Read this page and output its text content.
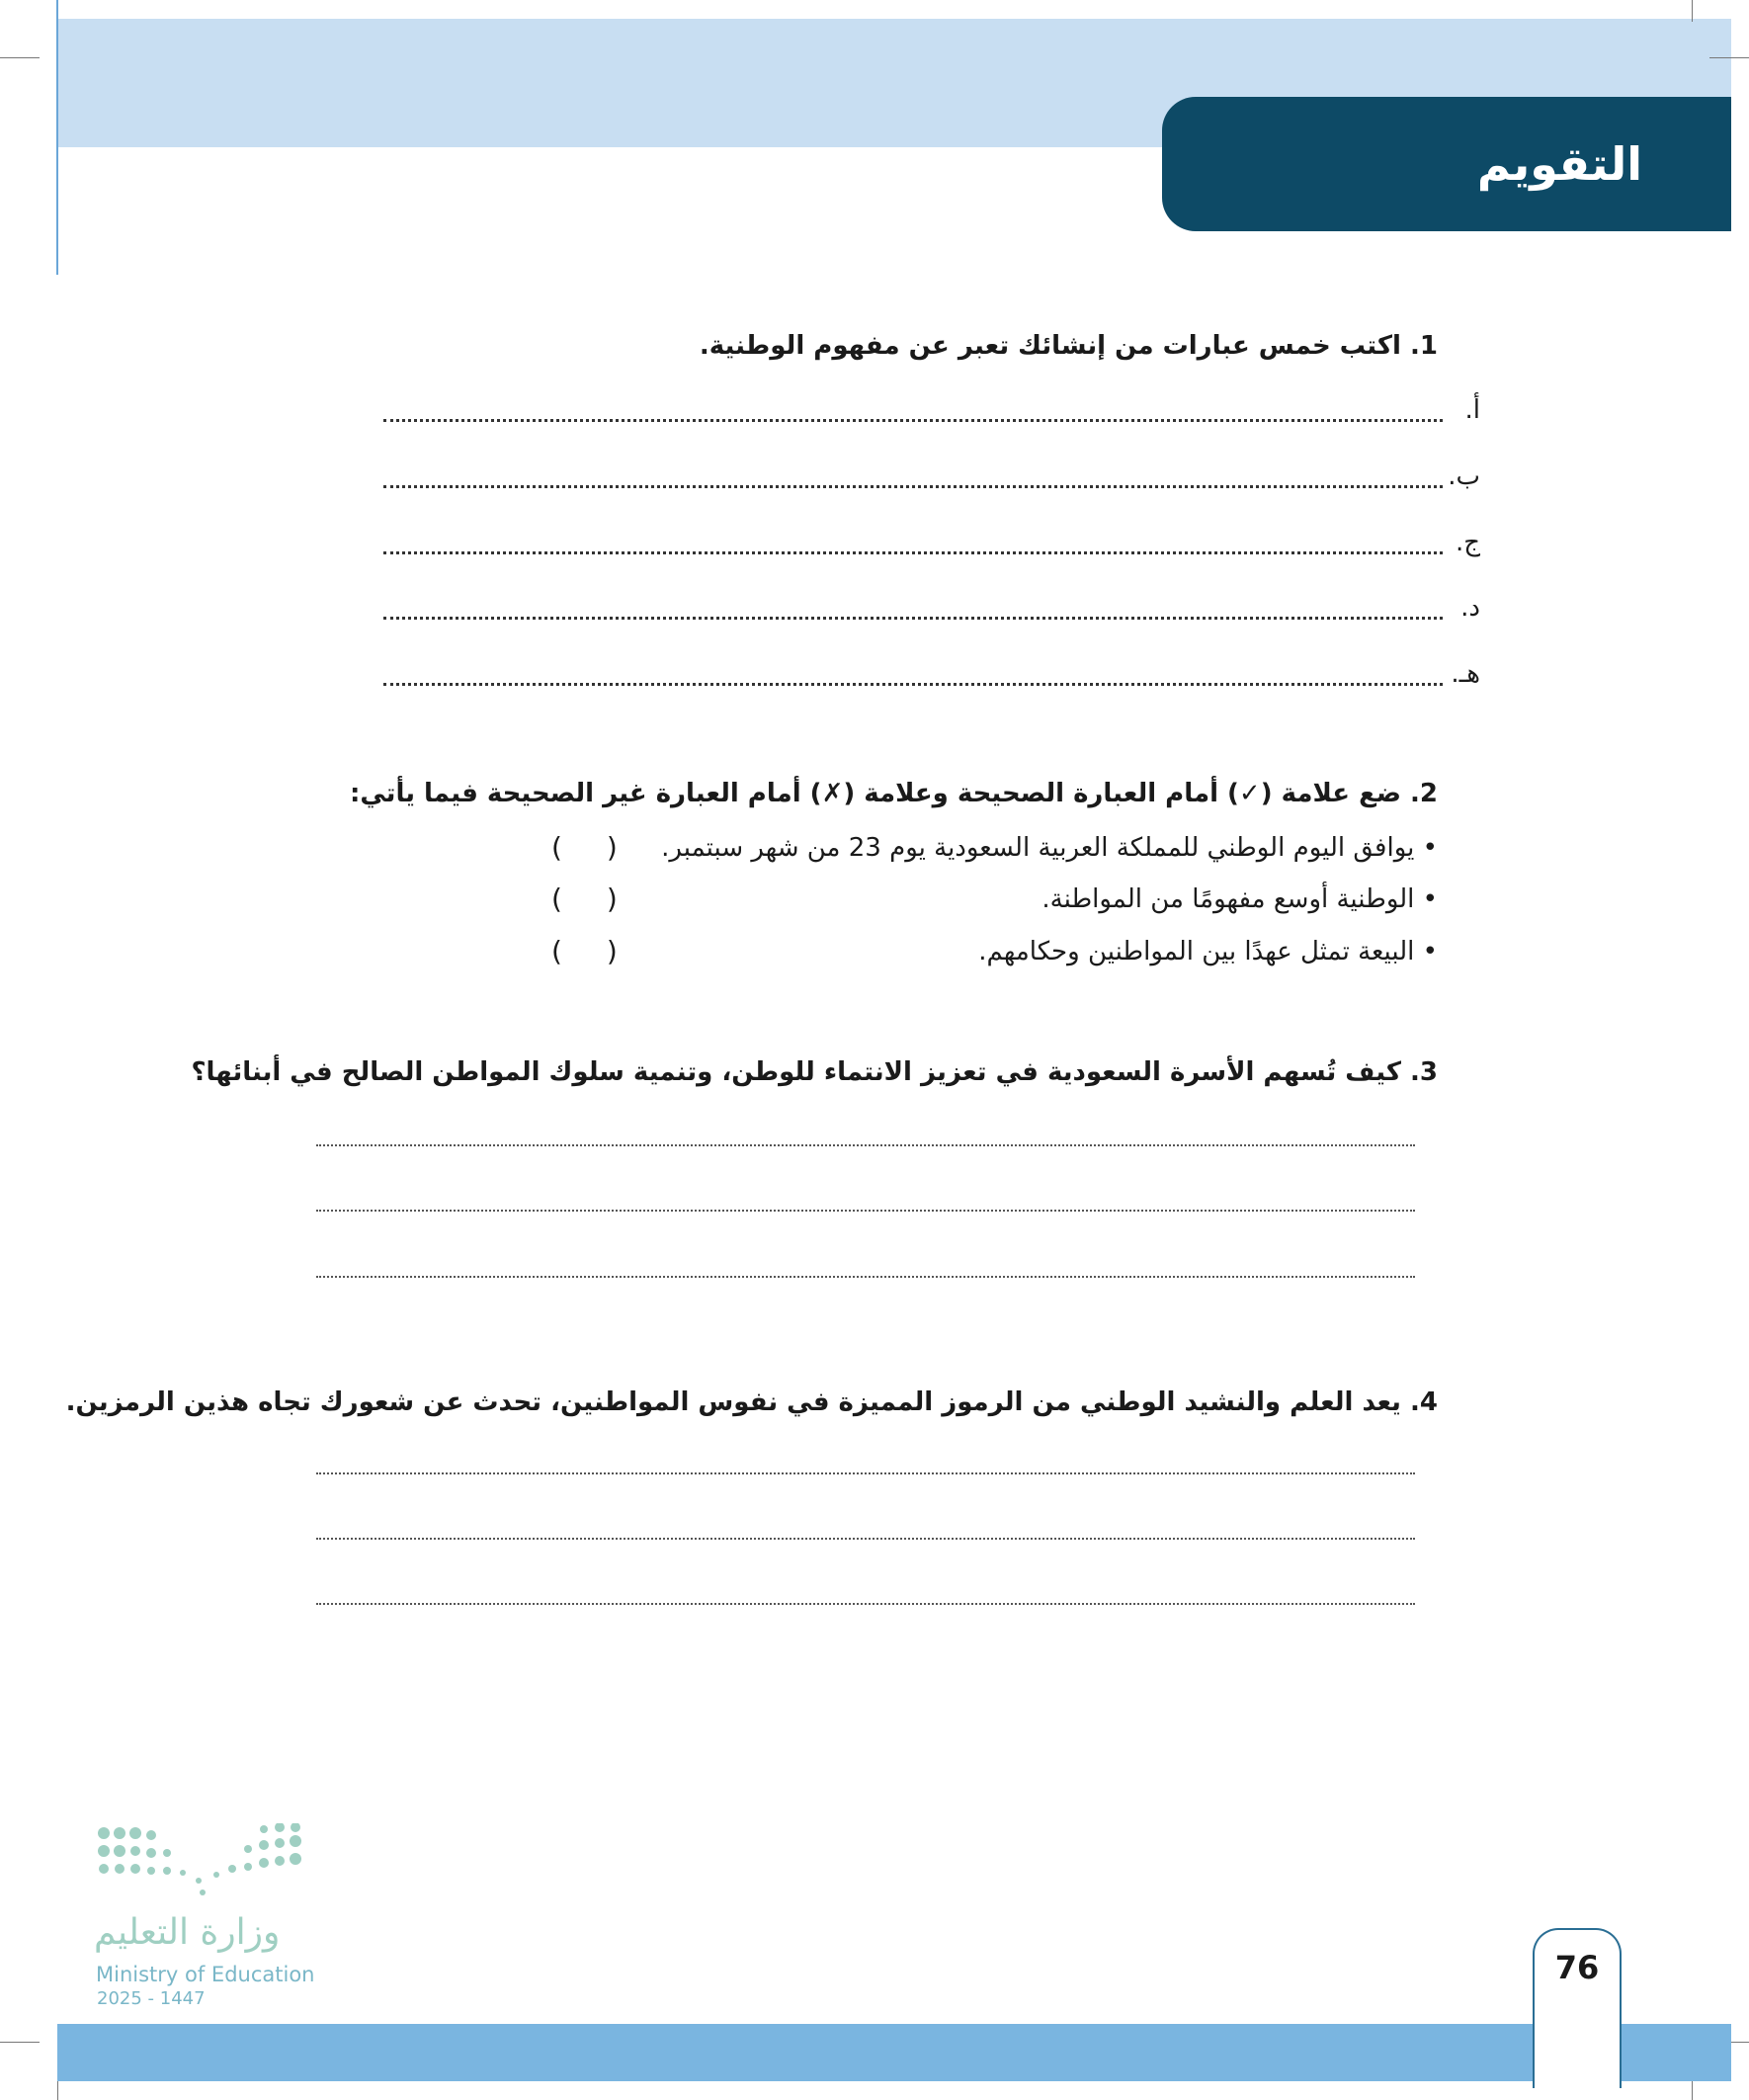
التقويم
1. اكتب خمس عبارات من إنشائك تعبر عن مفهوم الوطنية.
أ.
ب.
ج.
د.
هـ.
2. ضع علامة (✓) أمام العبارة الصحيحة وعلامة (✗) أمام العبارة غير الصحيحة فيما يأتي:
• يوافق اليوم الوطني للمملكة العربية السعودية يوم 23 من شهر سبتمبر.
( )
• الوطنية أوسع مفهومًا من المواطنة.
( )
• البيعة تمثل عهدًا بين المواطنين وحكامهم.
( )
3. كيف تُسهم الأسرة السعودية في تعزيز الانتماء للوطن، وتنمية سلوك المواطن الصالح في أبنائها؟
4. يعد العلم والنشيد الوطني من الرموز المميزة في نفوس المواطنين، تحدث عن شعورك تجاه هذين الرمزين.
وزارة التعليم
Ministry of Education
2025 - 1447
76
